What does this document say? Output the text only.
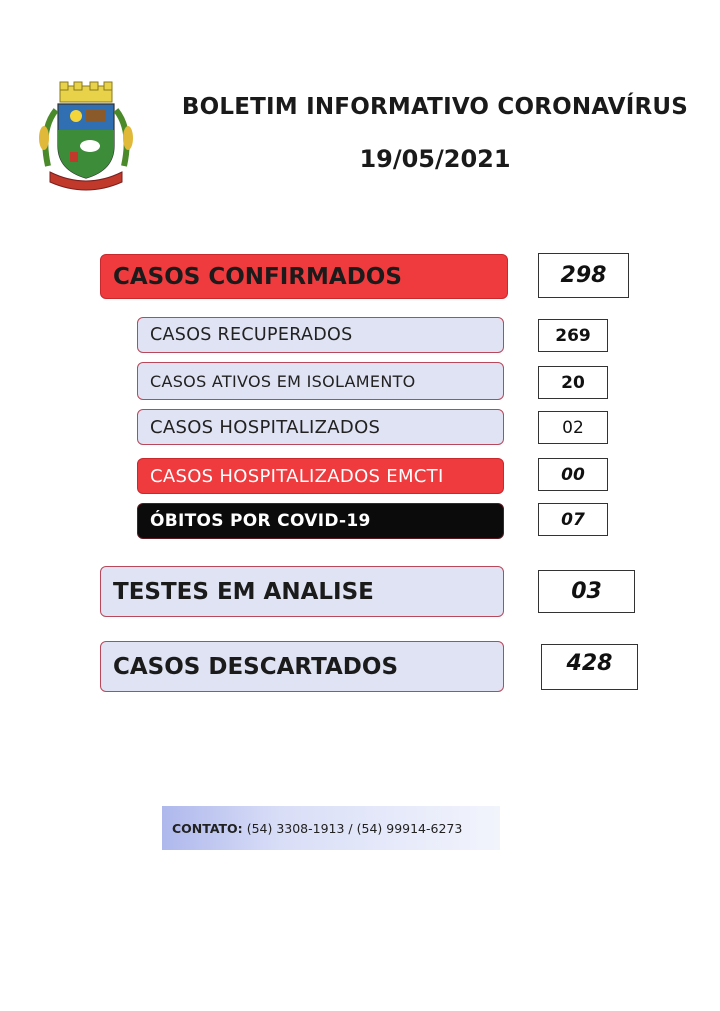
BOLETIM INFORMATIVO CORONAVÍRUS
19/05/2021
CASOS CONFIRMADOS	298
CASOS RECUPERADOS	269
CASOS ATIVOS EM ISOLAMENTO	20
CASOS HOSPITALIZADOS	02
CASOS HOSPITALIZADOS EMCTI	00
ÓBITOS POR COVID-19	07
TESTES EM ANALISE	03
CASOS DESCARTADOS	428
CONTATO: (54) 3308-1913 / (54) 99914-6273
